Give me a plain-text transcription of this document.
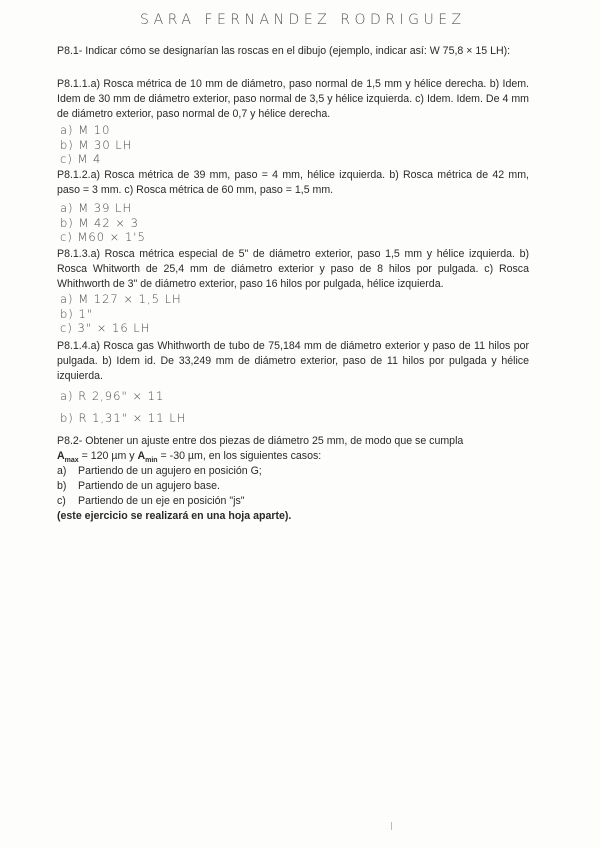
SARA FERNANDEZ RODRIGUEZ
P8.1- Indicar cómo se designarían las roscas en el dibujo (ejemplo, indicar así: W 75,8 × 15 LH):
P8.1.1.a) Rosca métrica de 10 mm de diámetro, paso normal de 1,5 mm y hélice derecha. b) Idem. Idem de 30 mm de diámetro exterior, paso normal de 3,5 y hélice izquierda. c) Idem. Idem. De 4 mm de diámetro exterior, paso normal de 0,7 y hélice derecha.
a) M 10
b) M 30 LH
c) M 4
P8.1.2.a) Rosca métrica de 39 mm, paso = 4 mm, hélice izquierda. b) Rosca métrica de 42 mm, paso = 3 mm. c) Rosca métrica de 60 mm, paso = 1,5 mm.
a) M 39 LH
b) M 42 × 3
c) M60 × 1'5
P8.1.3.a) Rosca métrica especial de 5" de diámetro exterior, paso 1,5 mm y hélice izquierda. b) Rosca Whitworth de 25,4 mm de diámetro exterior y paso de 8 hilos por pulgada. c) Rosca Whithworth de 3" de diámetro exterior, paso 16 hilos por pulgada, hélice izquierda.
a) M 127 × 1,5 LH
b) 1"
c) 3" × 16 LH
P8.1.4.a) Rosca gas Whithworth de tubo de 75,184 mm de diámetro exterior y paso de 11 hilos por pulgada. b) Idem id. De 33,249 mm de diámetro exterior, paso de 11 hilos por pulgada y hélice izquierda.
a) R 2,96" × 11
b) R 1,31" × 11 LH
P8.2- Obtener un ajuste entre dos piezas de diámetro 25 mm, de modo que se cumpla
$A_{max} = 120$ µm y $A_{min} = -30$ µm, en los siguientes casos:
a)	Partiendo de un agujero en posición G;
b)	Partiendo de un agujero base.
c)	Partiendo de un eje en posición "js"
(este ejercicio se realizará en una hoja aparte).
